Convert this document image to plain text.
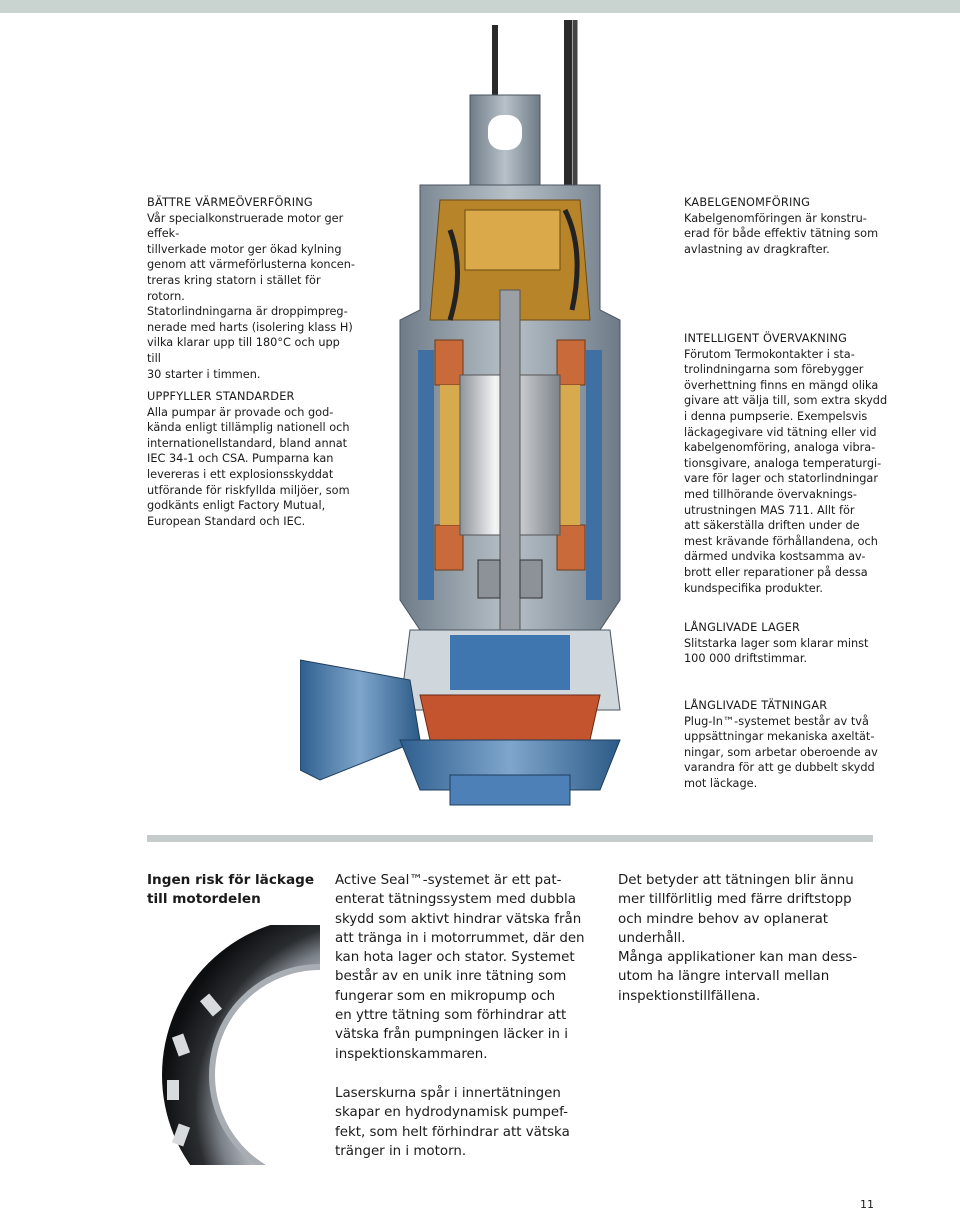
BÄTTRE VÄRMEÖVERFÖRING

Vår specialkonstruerade motor ger effek-
tillverkade motor ger ökad kylning
genom att värmeförlusterna koncen-
treras kring statorn i stället för rotorn.
Statorlindningarna är droppimpreg-
nerade med harts (isolering klass H)
vilka klarar upp till 180°C och upp till
30 starter i timmen.

UPPFYLLER STANDARDER

Alla pumpar är provade och god-
kända enligt tillämplig nationell och
internationellstandard, bland annat
IEC 34-1 och CSA. Pumparna kan
levereras i ett explosionsskyddat
utförande för riskfyllda miljöer, som
godkänts enligt Factory Mutual,
European Standard och IEC.

KABELGENOMFÖRING

Kabelgenomföringen är konstru-
erad för både effektiv tätning som
avlastning av dragkrafter.

INTELLIGENT ÖVERVAKNING

Förutom Termokontakter i sta-
trolindningarna som förebygger
överhettning finns en mängd olika
givare att välja till, som extra skydd
i denna pumpserie. Exempelsvis
läckagegivare vid tätning eller vid
kabelgenomföring, analoga vibra-
tionsgivare, analoga temperaturgi-
vare för lager och statorlindningar
med tillhörande övervaknings-
utrustningen MAS 711. Allt för
att säkerställa driften under de
mest krävande förhållandena, och
därmed undvika kostsamma av-
brott eller reparationer på dessa
kundspecifika produkter.

LÅNGLIVADE LAGER

Slitstarka lager som klarar minst
100 000 driftstimmar.

LÅNGLIVADE TÄTNINGAR

Plug-In™-systemet består av två
uppsättningar mekaniska axeltät-
ningar, som arbetar oberoende av
varandra för att ge dubbelt skydd
mot läckage.

Ingen risk för läckage
till motordelen
Active Seal™-systemet är ett pat-
enterat tätningssystem med dubbla
skydd som aktivt hindrar vätska från
att tränga in i motorrummet, där den
kan hota lager och stator. Systemet
består av en unik inre tätning som
fungerar som en mikropump och
en yttre tätning som förhindrar att
vätska från pumpningen läcker in i
inspektionskammaren.
Laserskurna spår i innertätningen
skapar en hydrodynamisk pumpef-
fekt, som helt förhindrar att vätska
tränger in i motorn.
Det betyder att tätningen blir ännu
mer tillförlitlig med färre driftstopp
och mindre behov av oplanerat
underhåll.
Många applikationer kan man dess-
utom ha längre intervall mellan
inspektionstillfällena.
11
